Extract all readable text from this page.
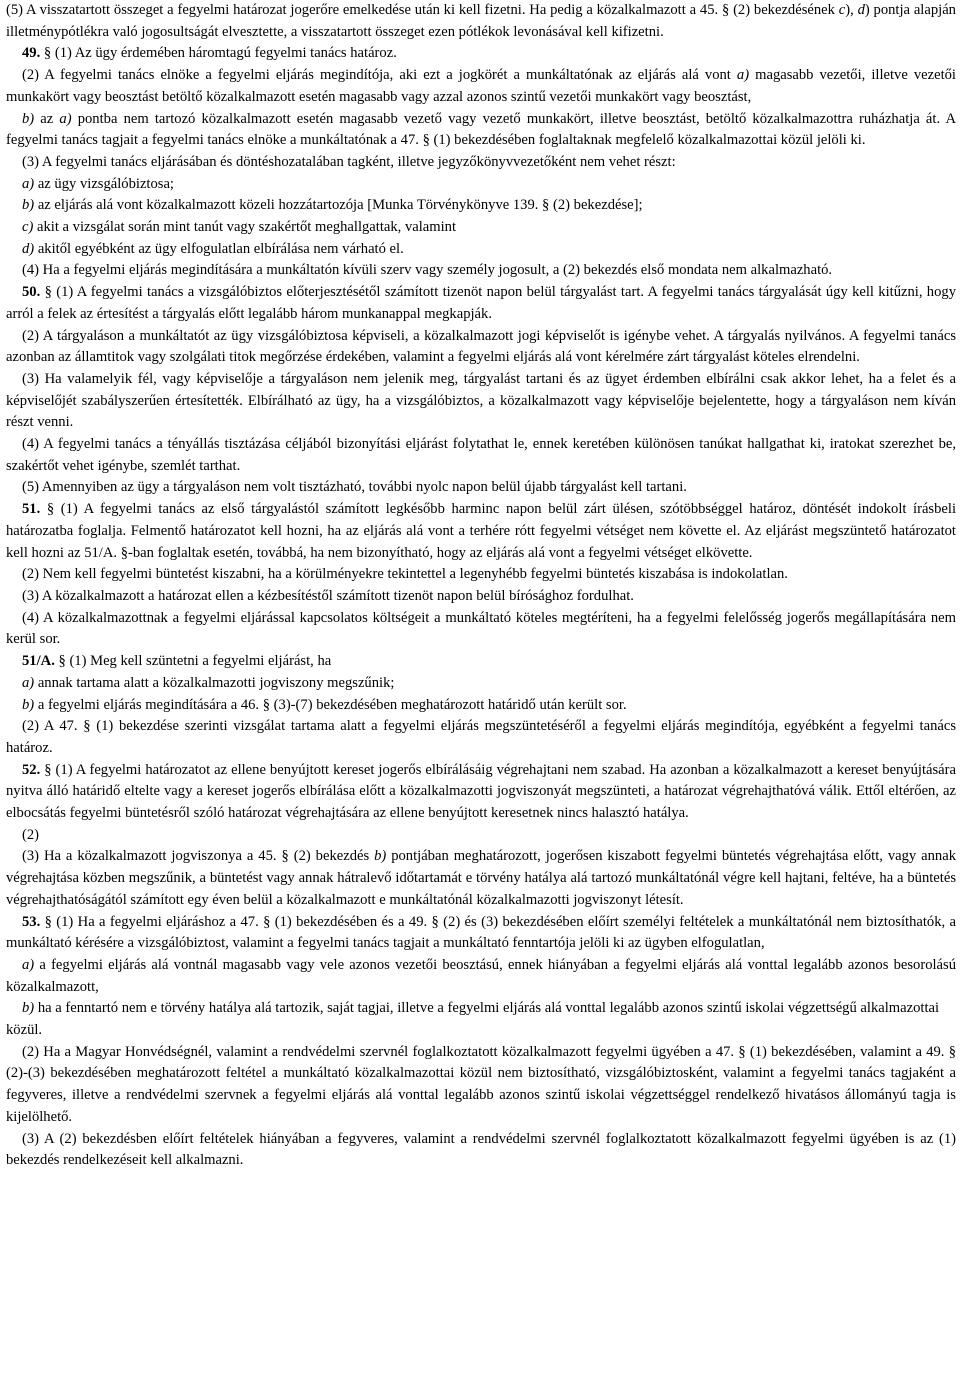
(5) A visszatartott összeget a fegyelmi határozat jogerőre emelkedése után ki kell fizetni. Ha pedig a közalkalmazott a 45. § (2) bekezdésének c), d) pontja alapján illetménypótlékra való jogosultságát elvesztette, a visszatartott összeget ezen pótlékok levonásával kell kifizetni.

49. § (1) Az ügy érdemében háromtagú fegyelmi tanács határoz.

(2) A fegyelmi tanács elnöke a fegyelmi eljárás megindítója, aki ezt a jogkörét a munkáltatónak az eljárás alá vont a) magasabb vezetői, illetve vezetői munkakört vagy beosztást betöltő közalkalmazott esetén magasabb vagy azzal azonos szintű vezetői munkakört vagy beosztást,

b) az a) pontba nem tartozó közalkalmazott esetén magasabb vezető vagy vezető munkakört, illetve beosztást, betöltő közalkalmazottra ruházhatja át. A fegyelmi tanács tagjait a fegyelmi tanács elnöke a munkáltatónak a 47. § (1) bekezdésében foglaltaknak megfelelő közalkalmazottai közül jelöli ki.

(3) A fegyelmi tanács eljárásában és döntéshozatalában tagként, illetve jegyzőkönyvvezetőként nem vehet részt:

a) az ügy vizsgálóbiztosa;

b) az eljárás alá vont közalkalmazott közeli hozzátartozója [Munka Törvénykönyve 139. § (2) bekezdése];

c) akit a vizsgálat során mint tanút vagy szakértőt meghallgattak, valamint

d) akitől egyébként az ügy elfogulatlan elbírálása nem várható el.

(4) Ha a fegyelmi eljárás megindítására a munkáltatón kívüli szerv vagy személy jogosult, a (2) bekezdés első mondata nem alkalmazható.

50. § (1) A fegyelmi tanács a vizsgálóbiztos előterjesztésétől számított tizenöt napon belül tárgyalást tart. A fegyelmi tanács tárgyalását úgy kell kitűzni, hogy arról a felek az értesítést a tárgyalás előtt legalább három munkanappal megkapják.

(2) A tárgyaláson a munkáltatót az ügy vizsgálóbiztosa képviseli, a közalkalmazott jogi képviselőt is igénybe vehet. A tárgyalás nyilvános. A fegyelmi tanács azonban az államtitok vagy szolgálati titok megőrzése érdekében, valamint a fegyelmi eljárás alá vont kérelmére zárt tárgyalást köteles elrendelni.

(3) Ha valamelyik fél, vagy képviselője a tárgyaláson nem jelenik meg, tárgyalást tartani és az ügyet érdemben elbírálni csak akkor lehet, ha a felet és a képviselőjét szabályszerűen értesítették. Elbírálható az ügy, ha a vizsgálóbiztos, a közalkalmazott vagy képviselője bejelentette, hogy a tárgyaláson nem kíván részt venni.

(4) A fegyelmi tanács a tényállás tisztázása céljából bizonyítási eljárást folytathat le, ennek keretében különösen tanúkat hallgathat ki, iratokat szerezhet be, szakértőt vehet igénybe, szemlét tarthat.

(5) Amennyiben az ügy a tárgyaláson nem volt tisztázható, további nyolc napon belül újabb tárgyalást kell tartani.

51. § (1) A fegyelmi tanács az első tárgyalástól számított legkésőbb harminc napon belül zárt ülésen, szótöbbséggel határoz, döntését indokolt írásbeli határozatba foglalja. Felmentő határozatot kell hozni, ha az eljárás alá vont a terhére rótt fegyelmi vétséget nem követte el. Az eljárást megszüntető határozatot kell hozni az 51/A. §-ban foglaltak esetén, továbbá, ha nem bizonyítható, hogy az eljárás alá vont a fegyelmi vétséget elkövette.

(2) Nem kell fegyelmi büntetést kiszabni, ha a körülményekre tekintettel a legenyhébb fegyelmi büntetés kiszabása is indokolatlan.

(3) A közalkalmazott a határozat ellen a kézbesítéstől számított tizenöt napon belül bírósághoz fordulhat.

(4) A közalkalmazottnak a fegyelmi eljárással kapcsolatos költségeit a munkáltató köteles megtéríteni, ha a fegyelmi felelősség jogerős megállapítására nem kerül sor.

51/A. § (1) Meg kell szüntetni a fegyelmi eljárást, ha

a) annak tartama alatt a közalkalmazotti jogviszony megszűnik;

b) a fegyelmi eljárás megindítására a 46. § (3)-(7) bekezdésében meghatározott határidő után került sor.

(2) A 47. § (1) bekezdése szerinti vizsgálat tartama alatt a fegyelmi eljárás megszüntetéséről a fegyelmi eljárás megindítója, egyébként a fegyelmi tanács határoz.

52. § (1) A fegyelmi határozatot az ellene benyújtott kereset jogerős elbírálásáig végrehajtani nem szabad. Ha azonban a közalkalmazott a kereset benyújtására nyitva álló határidő eltelte vagy a kereset jogerős elbírálása előtt a közalkalmazotti jogviszonyát megszünteti, a határozat végrehajthatóvá válik. Ettől eltérően, az elbocsátás fegyelmi büntetésről szóló határozat végrehajtására az ellene benyújtott keresetnek nincs halasztó hatálya.

(2)

(3) Ha a közalkalmazott jogviszonya a 45. § (2) bekezdés b) pontjában meghatározott, jogerősen kiszabott fegyelmi büntetés végrehajtása előtt, vagy annak végrehajtása közben megszűnik, a büntetést vagy annak hátralevő időtartamát e törvény hatálya alá tartozó munkáltatónál végre kell hajtani, feltéve, ha a büntetés végrehajthatóságától számított egy éven belül a közalkalmazott e munkáltatónál közalkalmazotti jogviszonyt létesít.

53. § (1) Ha a fegyelmi eljáráshoz a 47. § (1) bekezdésében és a 49. § (2) és (3) bekezdésében előírt személyi feltételek a munkáltatónál nem biztosíthatók, a munkáltató kérésére a vizsgálóbiztost, valamint a fegyelmi tanács tagjait a munkáltató fenntartója jelöli ki az ügyben elfogulatlan,

a) a fegyelmi eljárás alá vontnál magasabb vagy vele azonos vezetői beosztású, ennek hiányában a fegyelmi eljárás alá vonttal legalább azonos besorolású közalkalmazott,

b) ha a fenntartó nem e törvény hatálya alá tartozik, saját tagjai, illetve a fegyelmi eljárás alá vonttal legalább azonos szintű iskolai végzettségű alkalmazottai

közül.

(2) Ha a Magyar Honvédségnél, valamint a rendvédelmi szervnél foglalkoztatott közalkalmazott fegyelmi ügyében a 47. § (1) bekezdésében, valamint a 49. § (2)-(3) bekezdésében meghatározott feltétel a munkáltató közalkalmazottai közül nem biztosítható, vizsgálóbiztosként, valamint a fegyelmi tanács tagjaként a fegyveres, illetve a rendvédelmi szervnek a fegyelmi eljárás alá vonttal legalább azonos szintű iskolai végzettséggel rendelkező hivatásos állományú tagja is kijelölhető.

(3) A (2) bekezdésben előírt feltételek hiányában a fegyveres, valamint a rendvédelmi szervnél foglalkoztatott közalkalmazott fegyelmi ügyében is az (1) bekezdés rendelkezéseit kell alkalmazni.
